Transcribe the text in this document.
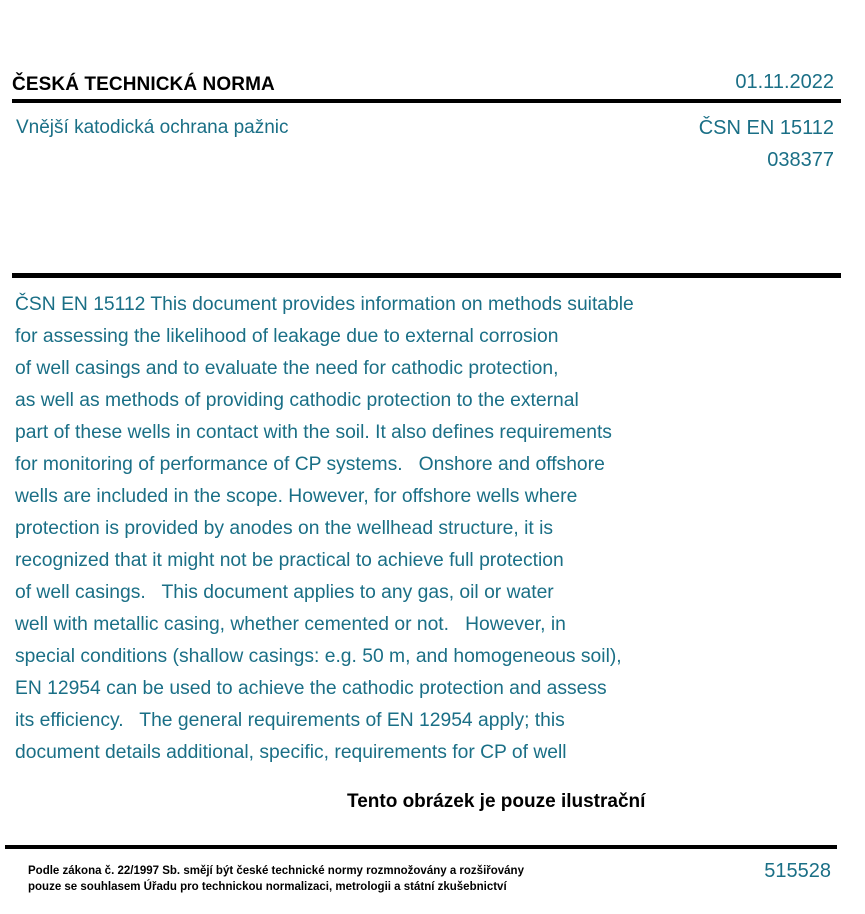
ČESKÁ TECHNICKÁ NORMA	01.11.2022
Vnější katodická ochrana pažnic	ČSN EN 15112
038377
ČSN EN 15112 This document provides information on methods suitable
for assessing the likelihood of leakage due to external corrosion
of well casings and to evaluate the need for cathodic protection,
as well as methods of providing cathodic protection to the external
part of these wells in contact with the soil. It also defines requirements
for monitoring of performance of CP systems.   Onshore and offshore
wells are included in the scope. However, for offshore wells where
protection is provided by anodes on the wellhead structure, it is
recognized that it might not be practical to achieve full protection
of well casings.   This document applies to any gas, oil or water
well with metallic casing, whether cemented or not.   However, in
special conditions (shallow casings: e.g. 50 m, and homogeneous soil),
EN 12954 can be used to achieve the cathodic protection and assess
its efficiency.   The general requirements of EN 12954 apply; this
document details additional, specific, requirements for CP of well
Tento obrázek je pouze ilustrační
Podle zákona č. 22/1997 Sb. smějí být české technické normy rozmnožovány a rozšiřovány
pouze se souhlasem Úřadu pro technickou normalizaci, metrologii a státní zkušebnictví
515528
